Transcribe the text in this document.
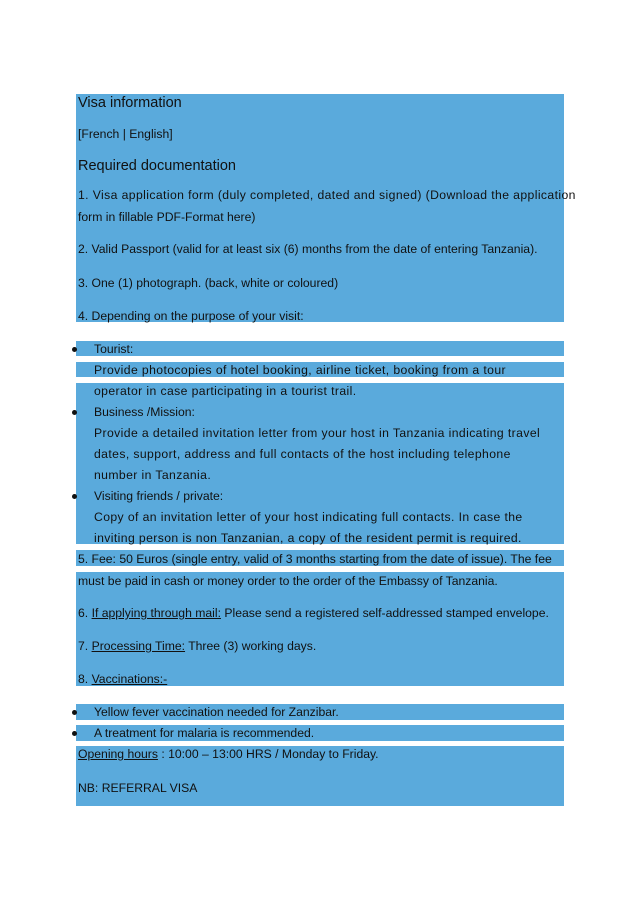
Visa information
[French | English]
Required documentation
1. Visa application form (duly completed, dated and signed) (Download the application
form in fillable PDF-Format here)
2. Valid Passport (valid for at least six (6) months from the date of entering Tanzania).
3. One (1) photograph. (back, white or coloured)
4. Depending on the purpose of your visit:
Tourist:
Provide photocopies of hotel booking, airline ticket, booking from a tour
operator in case participating in a tourist trail.
Business /Mission:
Provide a detailed invitation letter from your host in Tanzania indicating travel
dates, support, address and full contacts of the host including telephone
number in Tanzania.
Visiting friends / private:
Copy of an invitation letter of your host indicating full contacts. In case the
inviting person is non Tanzanian, a copy of the resident permit is required.
5. Fee: 50 Euros (single entry, valid of 3 months starting from the date of issue). The fee
must be paid in cash or money order to the order of the Embassy of Tanzania.
6. If applying through mail: Please send a registered self-addressed stamped envelope.
7. Processing Time: Three (3) working days.
8. Vaccinations:-
Yellow fever vaccination needed for Zanzibar.
A treatment for malaria is recommended.
Opening hours : 10:00 – 13:00 HRS / Monday to Friday.
NB: REFERRAL VISA
